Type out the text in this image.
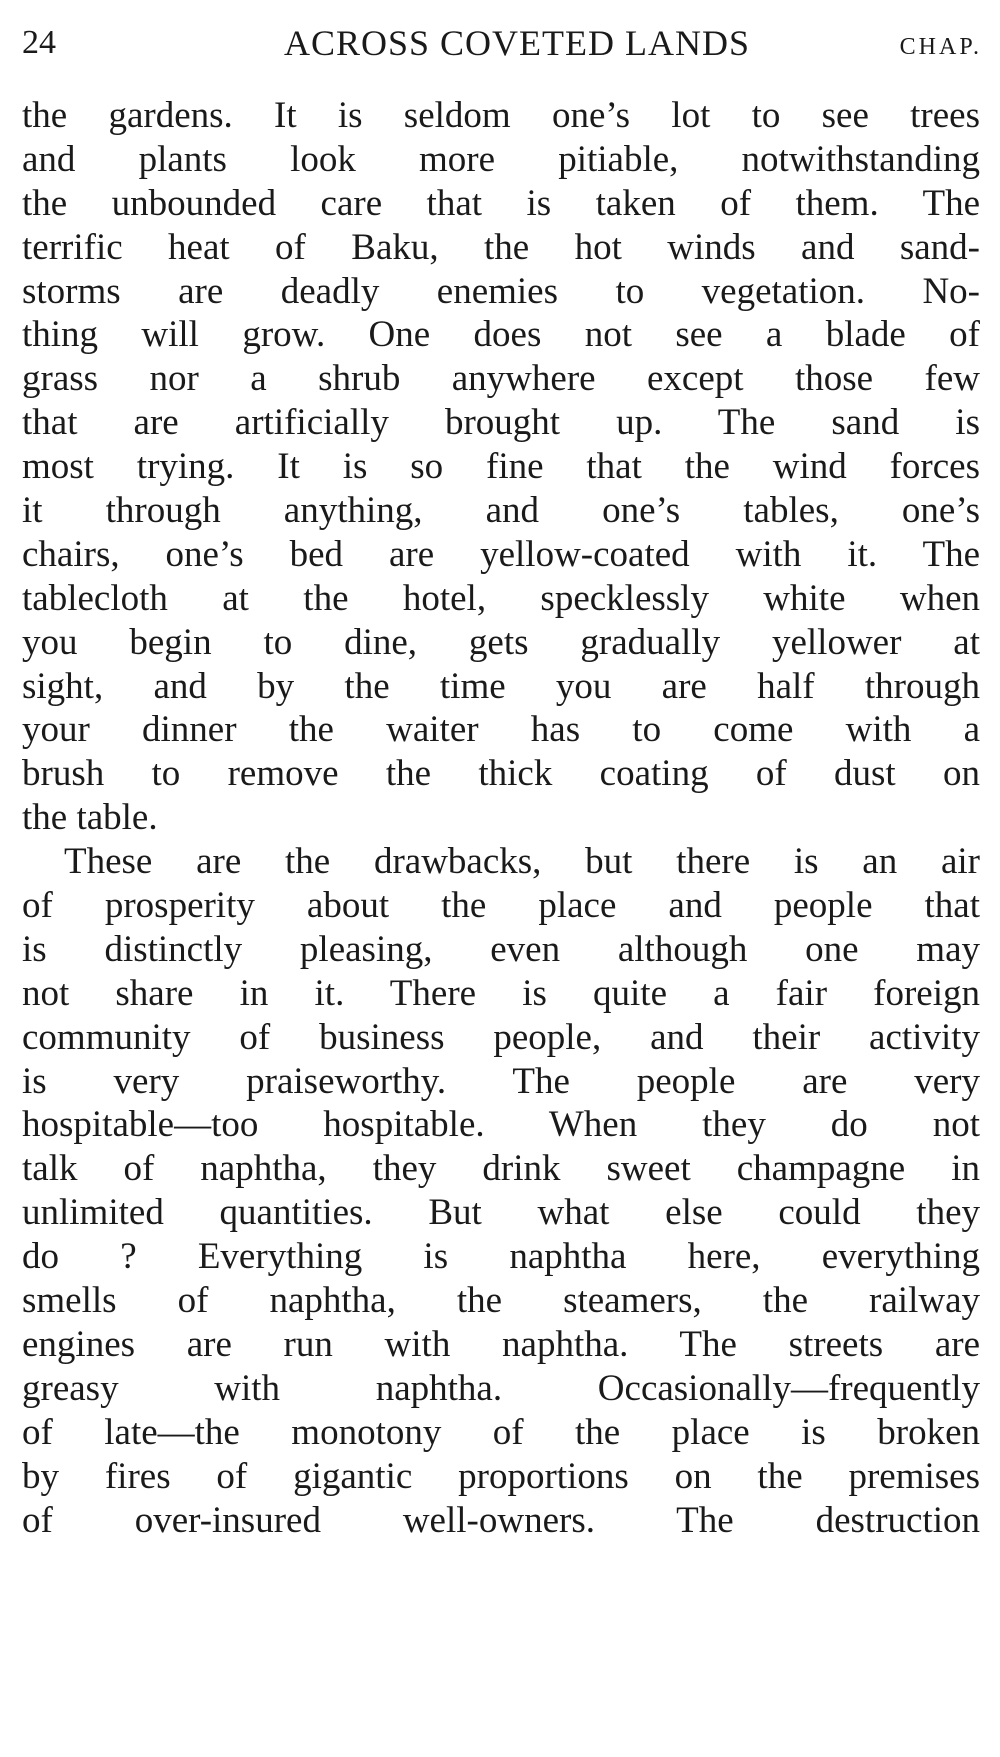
24	ACROSS COVETED LANDS	CHAP.
the gardens. It is seldom one’s lot to see trees
and plants look more pitiable, notwithstanding
the unbounded care that is taken of them. The
terrific heat of Baku, the hot winds and sand-
storms are deadly enemies to vegetation. No-
thing will grow. One does not see a blade of
grass nor a shrub anywhere except those few
that are artificially brought up. The sand is
most trying. It is so fine that the wind forces
it through anything, and one’s tables, one’s
chairs, one’s bed are yellow-coated with it. The
tablecloth at the hotel, specklessly white when
you begin to dine, gets gradually yellower at
sight, and by the time you are half through
your dinner the waiter has to come with a
brush to remove the thick coating of dust on
the table.
These are the drawbacks, but there is an air
of prosperity about the place and people that
is distinctly pleasing, even although one may
not share in it. There is quite a fair foreign
community of business people, and their activity
is very praiseworthy. The people are very
hospitable—too hospitable. When they do not
talk of naphtha, they drink sweet champagne in
unlimited quantities. But what else could they
do ? Everything is naphtha here, everything
smells of naphtha, the steamers, the railway
engines are run with naphtha. The streets are
greasy with naphtha. Occasionally—frequently
of late—the monotony of the place is broken
by fires of gigantic proportions on the premises
of over-insured well-owners. The destruction
